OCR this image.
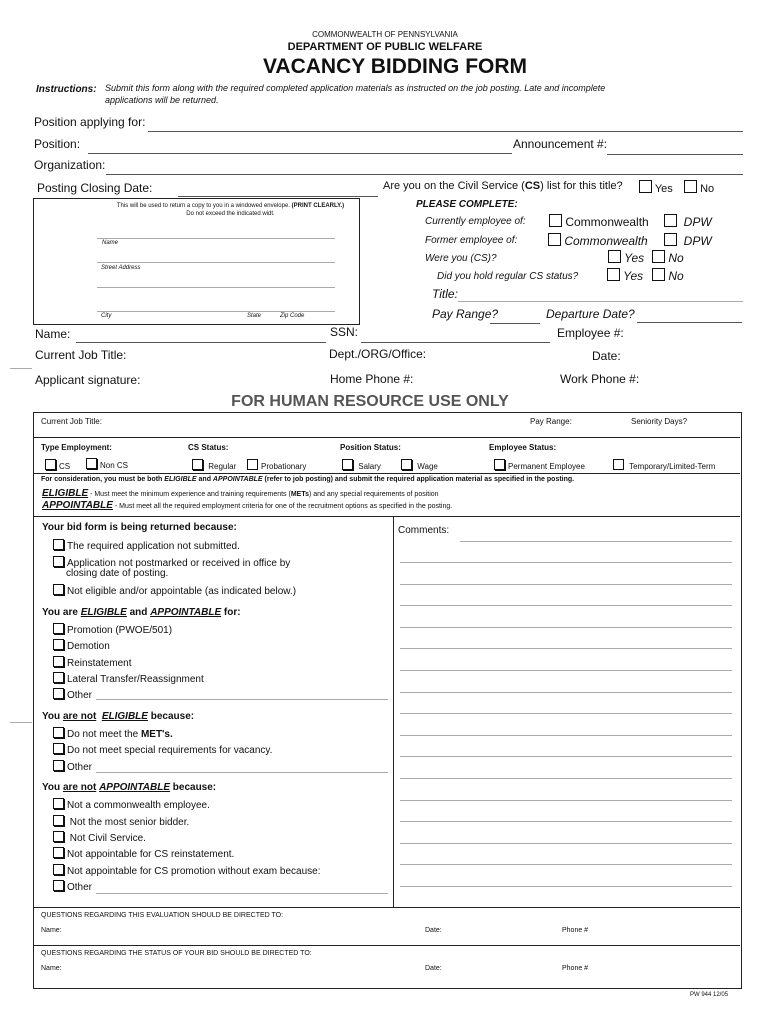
COMMONWEALTH OF PENNSYLVANIA
DEPARTMENT OF PUBLIC WELFARE
VACANCY BIDDING FORM
Instructions: Submit this form along with the required completed application materials as instructed on the job posting. Late and incomplete
applications will be returned.
Position applying for:
Position:	Announcement #:
Organization:
Posting Closing Date:	Are you on the Civil Service (CS) list for this title?	Yes	No
This will be used to return a copy to you in a windowed envelope. (PRINT CLEARLY.)
Do not exceed the indicated widt.
Name
Street Address
City	State	Zip Code
PLEASE COMPLETE:
Currently employee of:	Commonwealth	DPW
Former employee of:	Commonwealth	DPW
Were you (CS)?	Yes	No
Did you hold regular CS status?	Yes	No
Title:
Pay Range?	Departure Date?
Name:	SSN:	Employee #:
Current Job Title:	Dept./ORG/Office:	Date:
Applicant signature:	Home Phone #:	Work Phone #:
FOR HUMAN RESOURCE USE ONLY
Current Job Title:	Pay Range:	Seniority Days?
Type Employment:	CS Status:	Position Status:	Employee Status:
CS	Non CS	Regular	Probationary	Salary	Wage	Permanent Employee	Temporary/Limited-Term
For consideration, you must be both ELIGIBLE and APPOINTABLE (refer to job posting) and submit the required application material as specified in the posting.
ELIGIBLE - Must meet the minimum experience and training requirements (METs) and any special requirements of position
APPOINTABLE - Must meet all the required employment criteria for one of the recruitment options as specified in the posting.
Your bid form is being returned because:
The required application not submitted.
Application not postmarked or received in office by
closing date of posting.
Not eligible and/or appointable (as indicated below.)
You are ELIGIBLE and APPOINTABLE for:
Promotion (PWOE/501)
Demotion
Reinstatement
Lateral Transfer/Reassignment
Other
You are not ELIGIBLE because:
Do not meet the MET's.
Do not meet special requirements for vacancy.
Other
You are not APPOINTABLE because:
Not a commonwealth employee.
Not the most senior bidder.
Not Civil Service.
Not appointable for CS reinstatement.
Not appointable for CS promotion without exam because:
Other
Comments:
QUESTIONS REGARDING THIS EVALUATION SHOULD BE DIRECTED TO:
Name:	Date:	Phone #
QUESTIONS REGARDING THE STATUS OF YOUR BID SHOULD BE DIRECTED TO:
Name:	Date:	Phone #
PW 944 12/05
